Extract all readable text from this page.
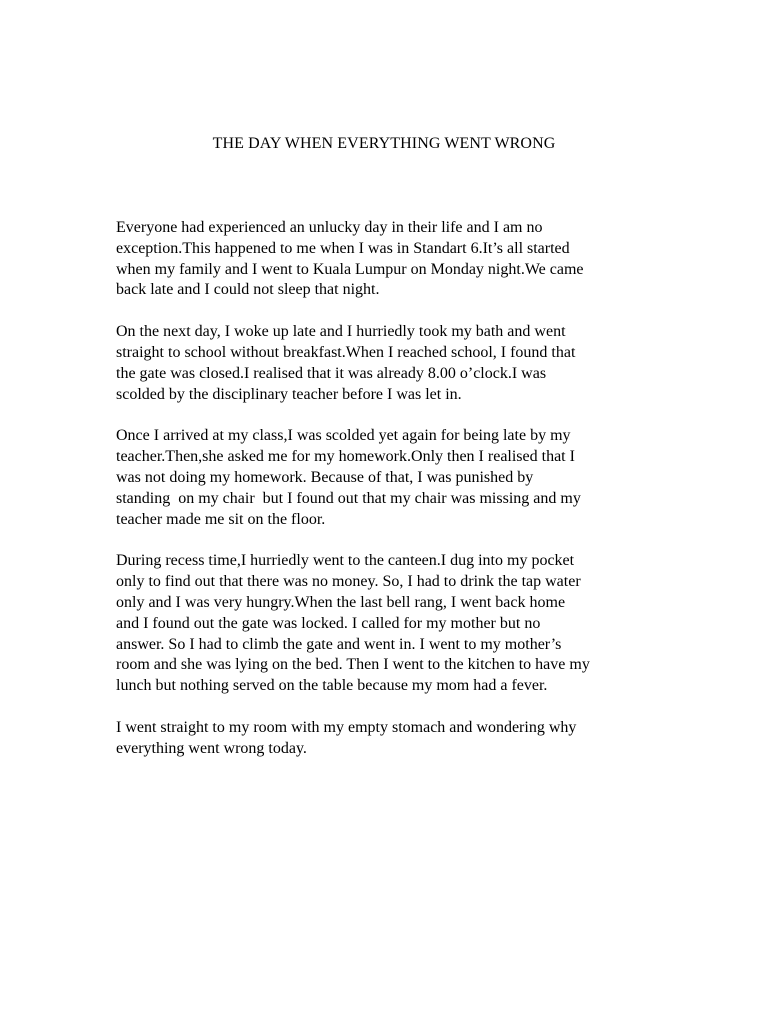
THE DAY WHEN EVERYTHING WENT WRONG

Everyone had experienced an unlucky day in their life and I am no
exception.This happened to me when I was in Standart 6.It’s all started
when my family and I went to Kuala Lumpur on Monday night.We came
back late and I could not sleep that night.

On the next day, I woke up late and I hurriedly took my bath and went
straight to school without breakfast.When I reached school, I found that
the gate was closed.I realised that it was already 8.00 o’clock.I was
scolded by the disciplinary teacher before I was let in.

Once I arrived at my class,I was scolded yet again for being late by my
teacher.Then,she asked me for my homework.Only then I realised that I
was not doing my homework. Because of that, I was punished by
standing  on my chair  but I found out that my chair was missing and my
teacher made me sit on the floor.

During recess time,I hurriedly went to the canteen.I dug into my pocket
only to find out that there was no money. So, I had to drink the tap water
only and I was very hungry.When the last bell rang, I went back home
and I found out the gate was locked. I called for my mother but no
answer. So I had to climb the gate and went in. I went to my mother’s
room and she was lying on the bed. Then I went to the kitchen to have my
lunch but nothing served on the table because my mom had a fever.

I went straight to my room with my empty stomach and wondering why
everything went wrong today.
